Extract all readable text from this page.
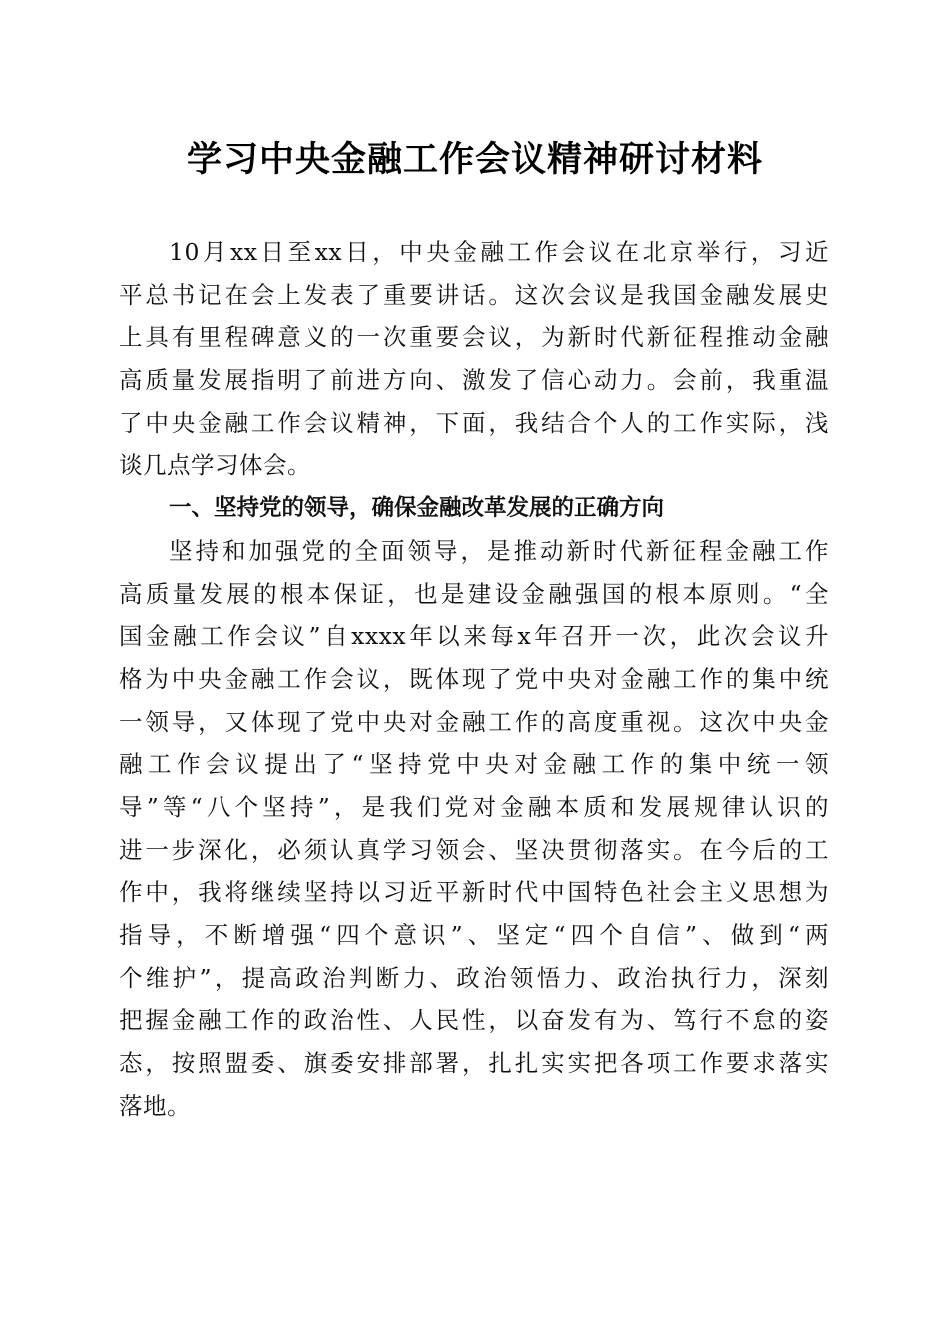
学习中央金融工作会议精神研讨材料
10月xx日至xx日，中央金融工作会议在北京举行，习近
平总书记在会上发表了重要讲话。这次会议是我国金融发展史
上具有里程碑意义的一次重要会议，为新时代新征程推动金融
高质量发展指明了前进方向、激发了信心动力。会前，我重温
了中央金融工作会议精神，下面，我结合个人的工作实际，浅
谈几点学习体会。
一、坚持党的领导，确保金融改革发展的正确方向
坚持和加强党的全面领导，是推动新时代新征程金融工作
高质量发展的根本保证，也是建设金融强国的根本原则。“全
国金融工作会议”自xxxx年以来每x年召开一次，此次会议升
格为中央金融工作会议，既体现了党中央对金融工作的集中统
一领导，又体现了党中央对金融工作的高度重视。这次中央金
融工作会议提出了“坚持党中央对金融工作的集中统一领
导”等“八个坚持”，是我们党对金融本质和发展规律认识的
进一步深化，必须认真学习领会、坚决贯彻落实。在今后的工
作中，我将继续坚持以习近平新时代中国特色社会主义思想为
指导，不断增强“四个意识”、坚定“四个自信”、做到“两
个维护”，提高政治判断力、政治领悟力、政治执行力，深刻
把握金融工作的政治性、人民性，以奋发有为、笃行不怠的姿
态，按照盟委、旗委安排部署，扎扎实实把各项工作要求落实
落地。
